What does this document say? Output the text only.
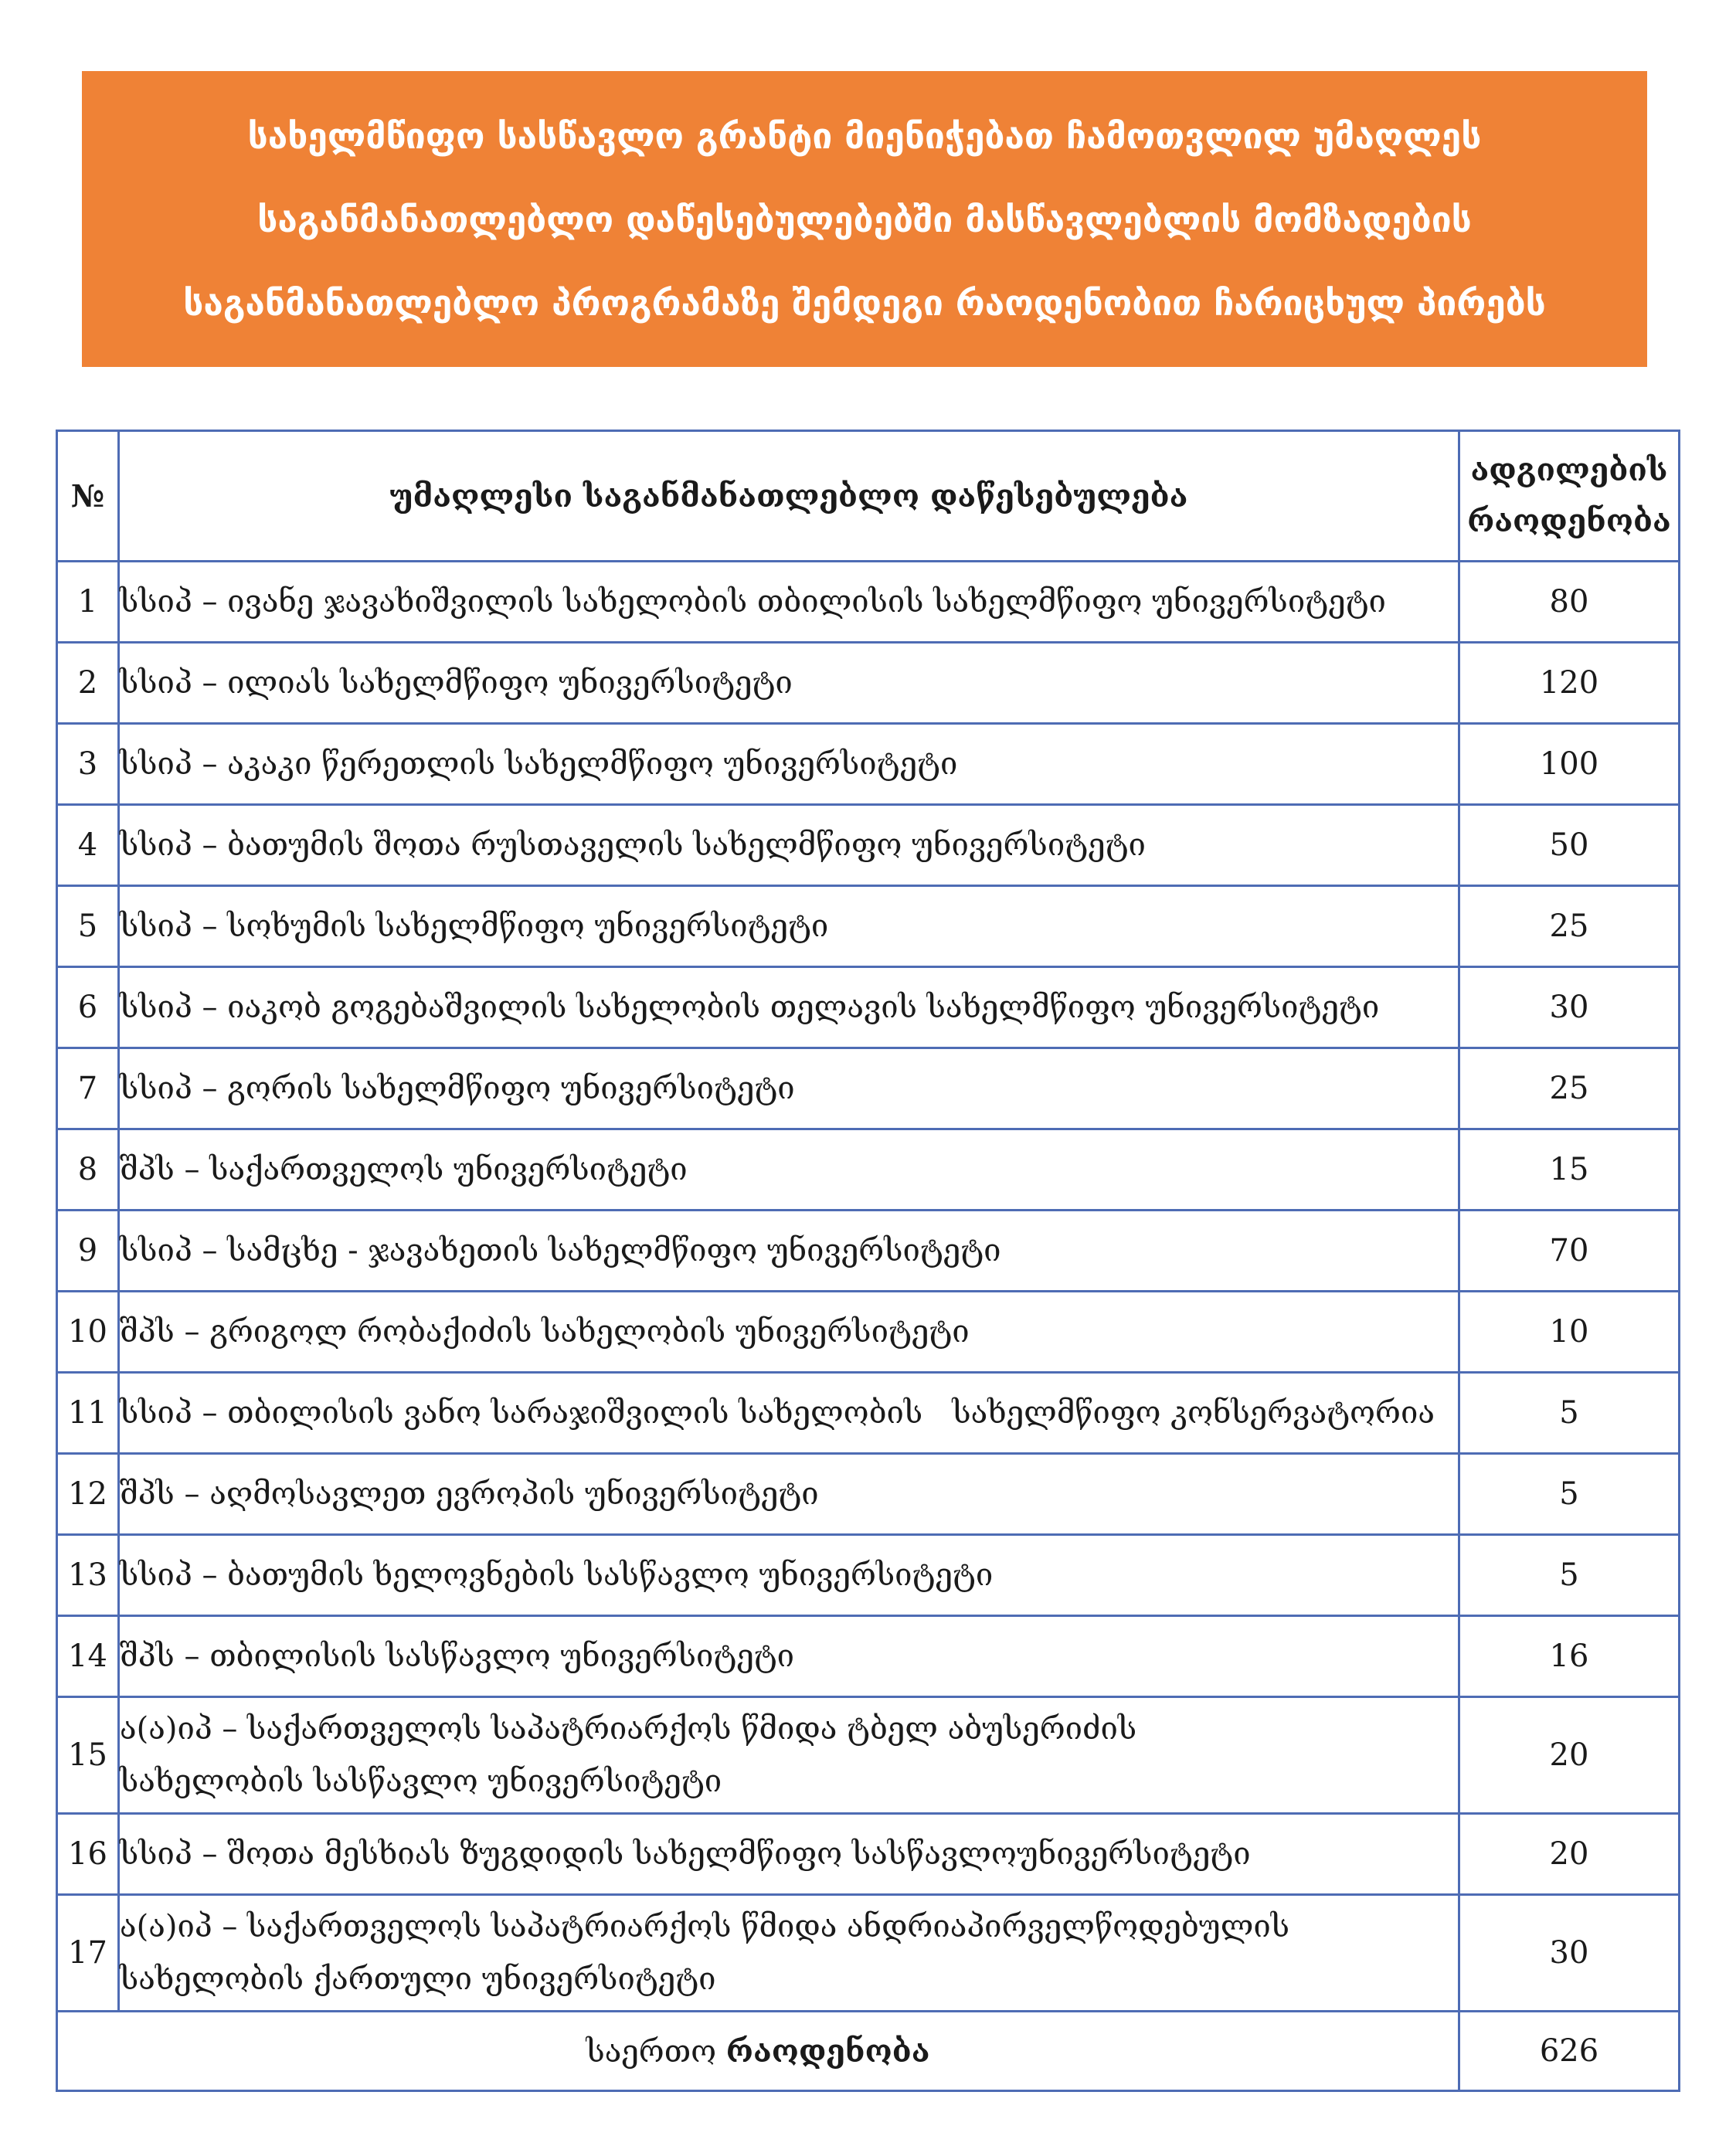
სახელმწიფო სასწავლო გრანტი მიენიჭებათ ჩამოთვლილ უმაღლეს
საგანმანათლებლო დაწესებულებებში მასწავლებლის მომზადების
საგანმანათლებლო პროგრამაზე შემდეგი რაოდენობით ჩარიცხულ პირებს
№	უმაღლესი საგანმანათლებლო დაწესებულება	ადგილების
რაოდენობა

1	სსიპ – ივანე ჯავახიშვილის სახელობის თბილისის სახელმწიფო უნივერსიტეტი	80
2	სსიპ – ილიას სახელმწიფო უნივერსიტეტი	120
3	სსიპ – აკაკი წერეთლის სახელმწიფო უნივერსიტეტი	100
4	სსიპ – ბათუმის შოთა რუსთაველის სახელმწიფო უნივერსიტეტი	50
5	სსიპ – სოხუმის სახელმწიფო უნივერსიტეტი	25
6	სსიპ – იაკობ გოგებაშვილის სახელობის თელავის სახელმწიფო უნივერსიტეტი	30
7	სსიპ – გორის სახელმწიფო უნივერსიტეტი	25
8	შპს – საქართველოს უნივერსიტეტი	15
9	სსიპ – სამცხე - ჯავახეთის სახელმწიფო უნივერსიტეტი	70
10	შპს – გრიგოლ რობაქიძის სახელობის უნივერსიტეტი	10
11	სსიპ – თბილისის ვანო სარაჯიშვილის სახელობის   სახელმწიფო კონსერვატორია	5
12	შპს – აღმოსავლეთ ევროპის უნივერსიტეტი	5
13	სსიპ – ბათუმის ხელოვნების სასწავლო უნივერსიტეტი	5
14	შპს – თბილისის სასწავლო უნივერსიტეტი	16
15	ა(ა)იპ – საქართველოს საპატრიარქოს წმიდა ტბელ აბუსერიძის
სახელობის სასწავლო უნივერსიტეტი	20
16	სსიპ – შოთა მესხიას ზუგდიდის სახელმწიფო სასწავლოუნივერსიტეტი	20
17	ა(ა)იპ – საქართველოს საპატრიარქოს წმიდა ანდრიაპირველწოდებულის
სახელობის ქართული უნივერსიტეტი	30
საერთო რაოდენობა		626
